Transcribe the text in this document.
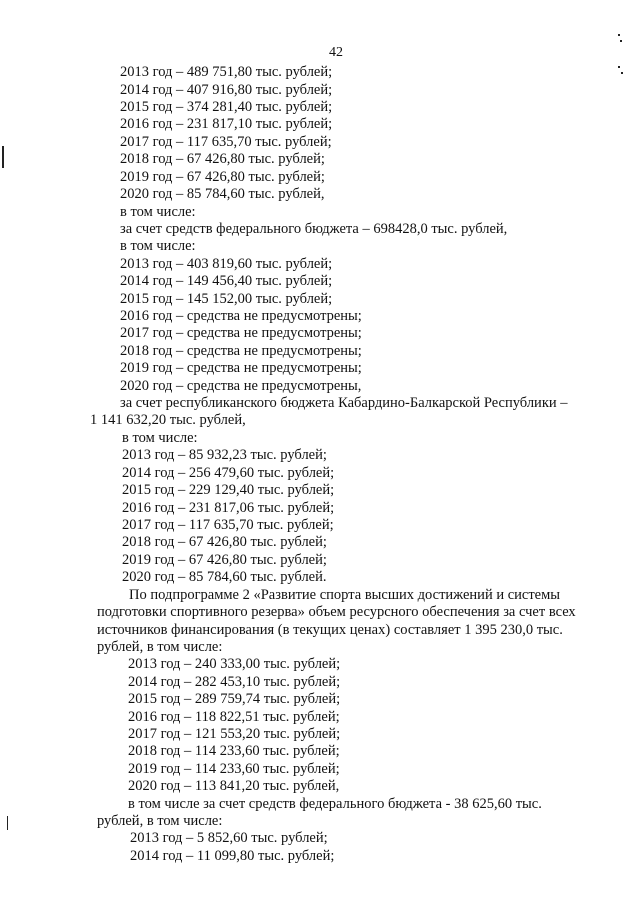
42
2013 год – 489 751,80 тыс. рублей;
2014 год – 407 916,80 тыс. рублей;
2015 год – 374 281,40 тыс. рублей;
2016 год – 231 817,10 тыс. рублей;
2017 год – 117 635,70 тыс. рублей;
2018 год – 67 426,80 тыс. рублей;
2019 год – 67 426,80 тыс. рублей;
2020 год – 85 784,60 тыс. рублей,
в том числе:
за счет средств федерального бюджета – 698428,0 тыс. рублей,
в том числе:
2013 год – 403 819,60 тыс. рублей;
2014 год – 149 456,40 тыс. рублей;
2015 год – 145 152,00 тыс. рублей;
2016 год – средства не предусмотрены;
2017 год – средства не предусмотрены;
2018 год – средства не предусмотрены;
2019 год – средства не предусмотрены;
2020 год – средства не предусмотрены,
за счет республиканского бюджета Кабардино-Балкарской Республики –
1 141 632,20 тыс. рублей,
в том числе:
2013 год – 85 932,23 тыс. рублей;
2014 год – 256 479,60 тыс. рублей;
2015 год – 229 129,40 тыс. рублей;
2016 год – 231 817,06 тыс. рублей;
2017 год – 117 635,70 тыс. рублей;
2018 год – 67 426,80 тыс. рублей;
2019 год – 67 426,80 тыс. рублей;
2020 год – 85 784,60 тыс. рублей.
По подпрограмме 2 «Развитие спорта высших достижений и системы
подготовки спортивного резерва» объем ресурсного обеспечения за счет всех
источников финансирования (в текущих ценах) составляет 1 395 230,0 тыс.
рублей, в том числе:
2013 год – 240 333,00 тыс. рублей;
2014 год – 282 453,10 тыс. рублей;
2015 год – 289 759,74 тыс. рублей;
2016 год – 118 822,51 тыс. рублей;
2017 год – 121 553,20 тыс. рублей;
2018 год – 114 233,60 тыс. рублей;
2019 год – 114 233,60 тыс. рублей;
2020 год – 113 841,20 тыс. рублей,
в том числе за счет средств федерального бюджета - 38 625,60 тыс.
рублей, в том числе:
2013 год – 5 852,60 тыс. рублей;
2014 год – 11 099,80 тыс. рублей;
